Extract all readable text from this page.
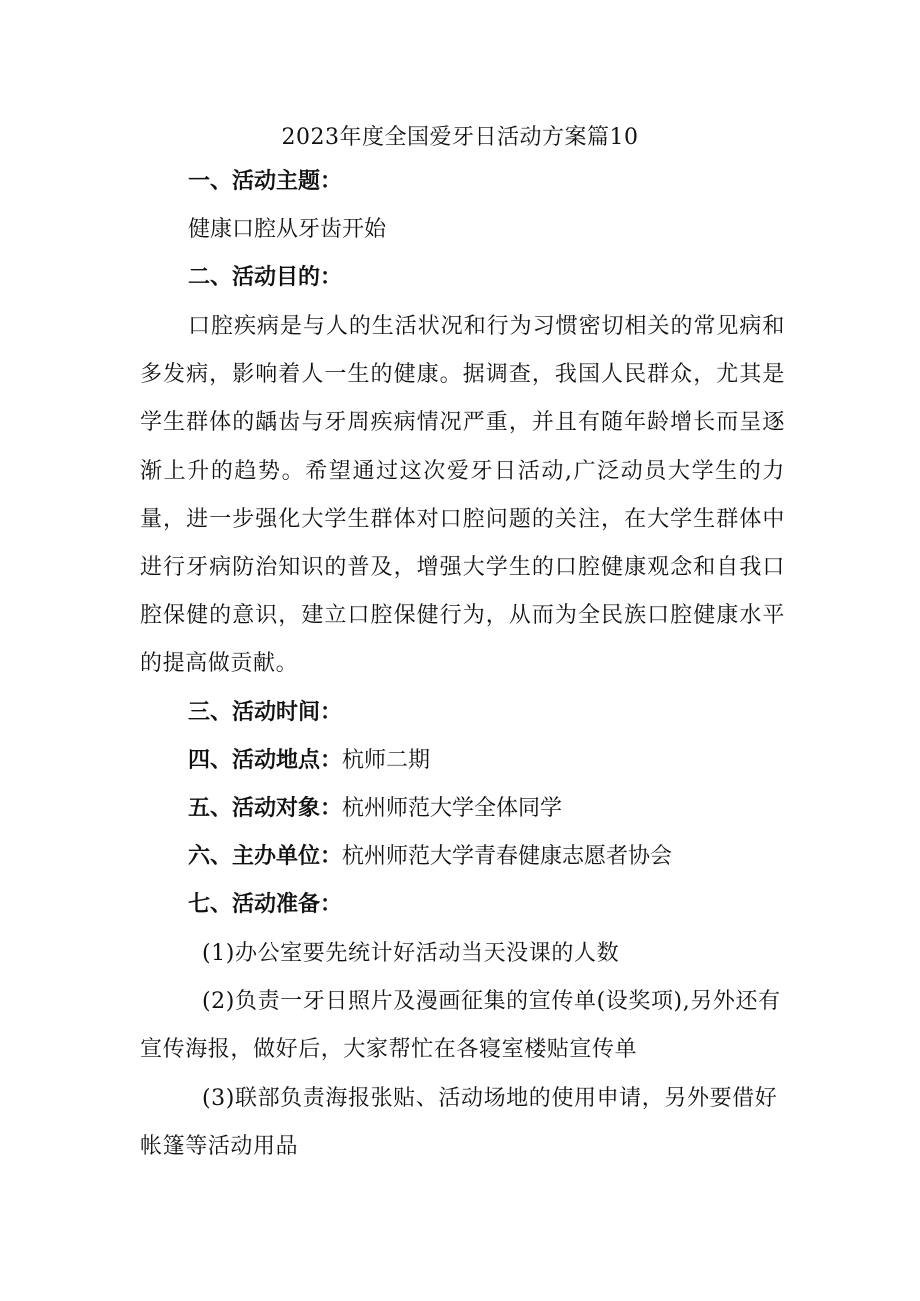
2023年度全国爱牙日活动方案篇10
一、活动主题：
健康口腔从牙齿开始
二、活动目的：
口腔疾病是与人的生活状况和行为习惯密切相关的常见病和多发病，影响着人一生的健康。据调查，我国人民群众，尤其是学生群体的龋齿与牙周疾病情况严重，并且有随年龄增长而呈逐渐上升的趋势。希望通过这次爱牙日活动,广泛动员大学生的力量，进一步强化大学生群体对口腔问题的关注，在大学生群体中进行牙病防治知识的普及，增强大学生的口腔健康观念和自我口腔保健的意识，建立口腔保健行为，从而为全民族口腔健康水平的提高做贡献。
三、活动时间：
四、活动地点：杭师二期
五、活动对象：杭州师范大学全体同学
六、主办单位：杭州师范大学青春健康志愿者协会
七、活动准备：
(1)办公室要先统计好活动当天没课的人数
(2)负责一牙日照片及漫画征集的宣传单(设奖项),另外还有宣传海报，做好后，大家帮忙在各寝室楼贴宣传单
(3)联部负责海报张贴、活动场地的使用申请，另外要借好帐篷等活动用品
